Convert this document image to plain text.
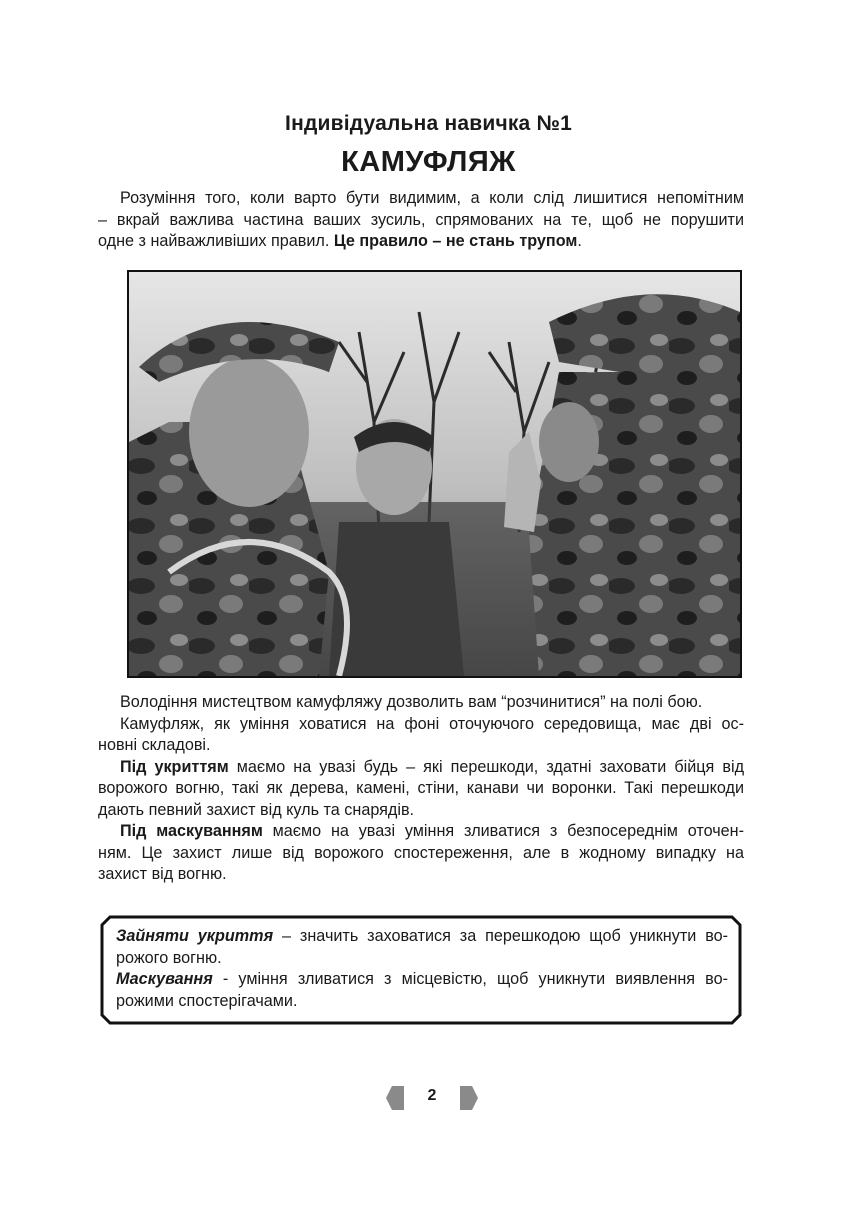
Індивідуальна навичка №1
КАМУФЛЯЖ
Розуміння того, коли варто бути видимим, а коли слід лишитися непомітним
– вкрай важлива частина ваших зусиль, спрямованих на те, щоб не порушити
одне з найважливіших правил. Це правило – не стань трупом.
Володіння мистецтвом камуфляжу дозволить вам “розчинитися” на полі бою.
Камуфляж, як уміння ховатися на фоні оточуючого середовища, має дві ос-
новні складові.
Під укриттям маємо на увазі будь – які перешкоди, здатні заховати бійця від
ворожого вогню, такі як дерева, камені, стіни, канави чи воронки. Такі перешкоди
дають певний захист від куль та снарядів.
Під маскуванням маємо на увазі уміння зливатися з безпосереднім оточен-
ням. Це захист лише від ворожого спостереження, але в жодному випадку на
захист від вогню.
Зайняти укриття – значить заховатися за перешкодою щоб уникнути во-
рожого вогню.
Маскування - уміння зливатися з місцевістю, щоб уникнути виявлення во-
рожими спостерігачами.
2
